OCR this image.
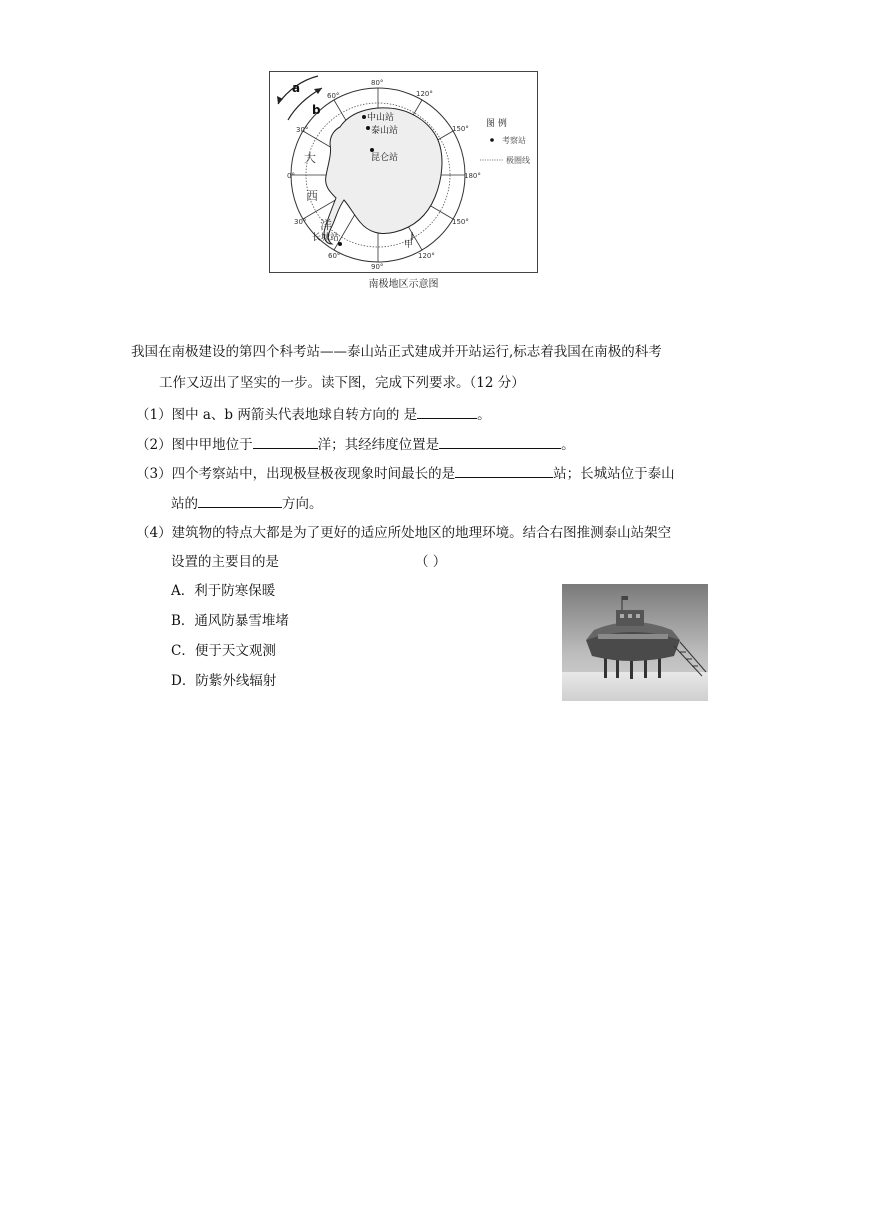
a
b
80°
120°
150°
180°
150°
120°
90°
60°
30°
0°
30°
60°
中山站
泰山站
昆仑站
长城站
甲
大
西
洋
图 例
考察站
极圈线
南极地区示意图
我国在南极建设的第四个科考站——泰山站正式建成并开站运行,标志着我国在南极的科考
工作又迈出了坚实的一步。读下图，完成下列要求。（12 分）
（1）图中 a、b 两箭头代表地球自转方向的 是	。
（2）图中甲地位于	洋；其经纬度位置是	。
（3）四个考察站中，出现极昼极夜现象时间最长的是	站；长城站位于泰山
站的	方向。
（4）建筑物的特点大都是为了更好的适应所处地区的地理环境。结合右图推测泰山站架空
设置的主要目的是	（ ）
A．利于防寒保暖
B．通风防暴雪堆堵
C．便于天文观测
D．防紫外线辐射
